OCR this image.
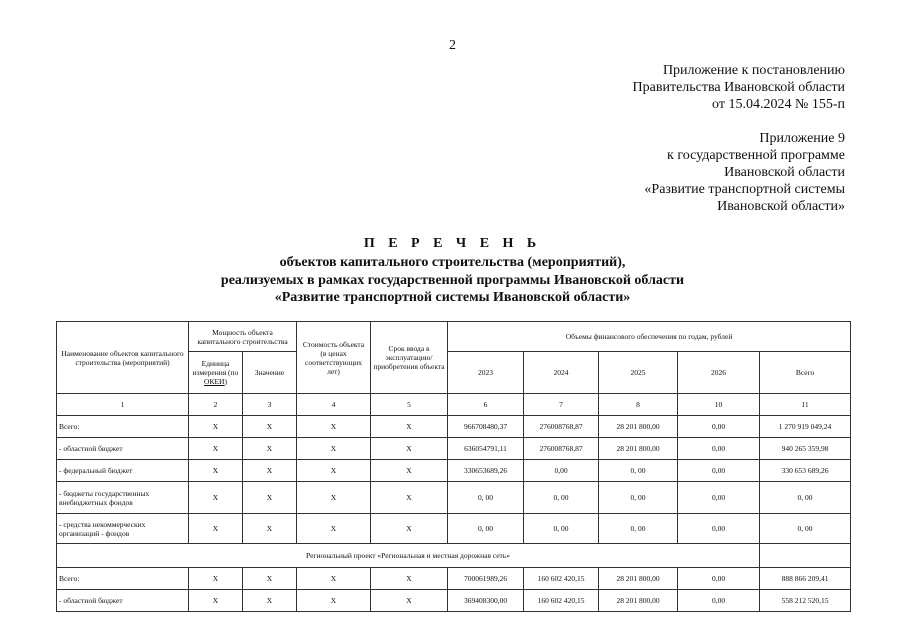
2
Приложение к постановлению
Правительства Ивановской области
от 15.04.2024 № 155-п
Приложение 9
к государственной программе
Ивановской области
«Развитие транспортной системы
Ивановской области»
П Е Р Е Ч Е Н Ь
объектов капитального строительства (мероприятий),
реализуемых в рамках государственной программы Ивановской области
«Развитие транспортной системы Ивановской области»
Наименование объектов капитального строительства (мероприятий)	Мощность объекта капитального строительства		Стоимость объекта (в ценах соответствующих лет)	Срок ввода в эксплуатацию/ приобретения объекта	Объемы финансового обеспечения по годам, рублей				
	Единица измерения (по ОКЕИ)	Значение			2023	2024	2025	2026	Всего
1	2	3	4	5	6	7	8	10	11
Всего:	X	X	X	X	966708480,37	276008768,87	28 201 800,00	0,00	1 270 919 049,24
- областной бюджет	X	X	X	X	636054791,11	276008768,87	28 201 800,00	0,00	940 265 359,98
- федеральный бюджет	X	X	X	X	330653689,26	0,00	0, 00	0,00	330 653 689,26
- бюджеты государственных внебюджетных фондов	X	X	X	X	0, 00	0, 00	0, 00	0,00	0, 00
- средства некоммерческих организаций - фондов	X	X	X	X	0, 00	0, 00	0, 00	0,00	0, 00
Региональный проект «Региональная и местная дорожная сеть»									
Всего:	X	X	X	X	700061989,26	160 602 420,15	28 201 800,00	0,00	888 866 209,41
- областной бюджет	X	X	X	X	369408300,00	160 602 420,15	28 201 800,00	0,00	558 212 520,15
